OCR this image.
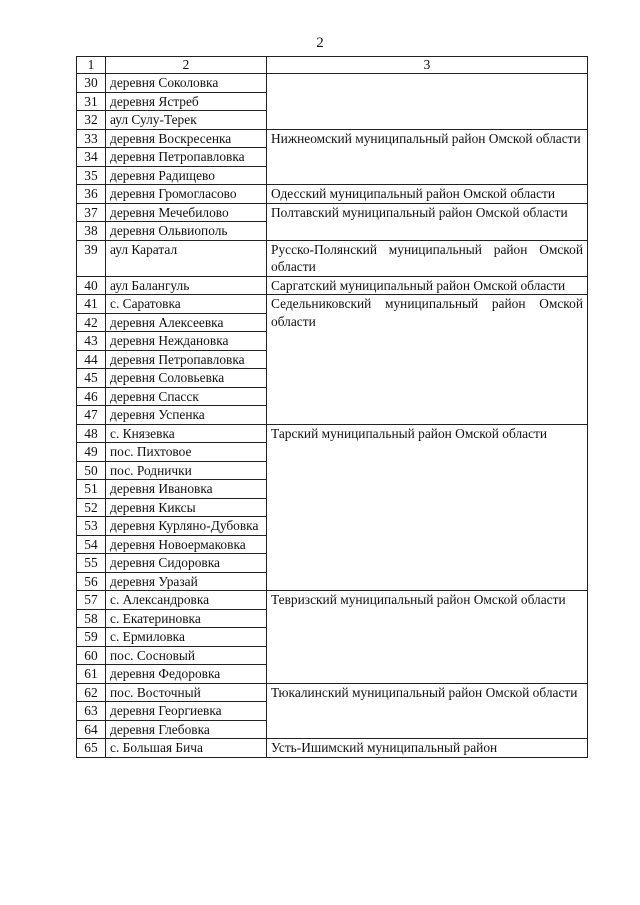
2
1	2	3
30	деревня Соколовка	

31	деревня Ястреб	
32	аул Сулу-Терек	
33	деревня Воскресенка	Нижнеомский муниципальный район Омской области

34	деревня Петропавловка	
35	деревня Радищево	
36	деревня Громогласово	Одесский муниципальный район Омской области

37	деревня Мечебилово	Полтавский муниципальный район Омской области

38	деревня Ольвиополь	
39	аул Каратал	Русско-Полянский муниципальный район Омской области

40	аул Балангуль	Саргатский муниципальный район Омской области

41	с. Саратовка	Седельниковский муниципальный район Омской области

42	деревня Алексеевка	
43	деревня Неждановка	
44	деревня Петропавловка	
45	деревня Соловьевка	
46	деревня Спасск	
47	деревня Успенка	
48	с. Князевка	Тарский муниципальный район Омской области

49	пос. Пихтовое	
50	пос. Роднички	
51	деревня Ивановка	
52	деревня Киксы	
53	деревня Курляно-Дубовка	
54	деревня Новоермаковка	
55	деревня Сидоровка	
56	деревня Уразай	
57	с. Александровка	Тевризский муниципальный район Омской области

58	с. Екатериновка	
59	с. Ермиловка	
60	пос. Сосновый	
61	деревня Федоровка	
62	пос. Восточный	Тюкалинский муниципальный район Омской области

63	деревня Георгиевка	
64	деревня Глебовка	
65	с. Большая Бича	Усть-Ишимский муниципальный район
